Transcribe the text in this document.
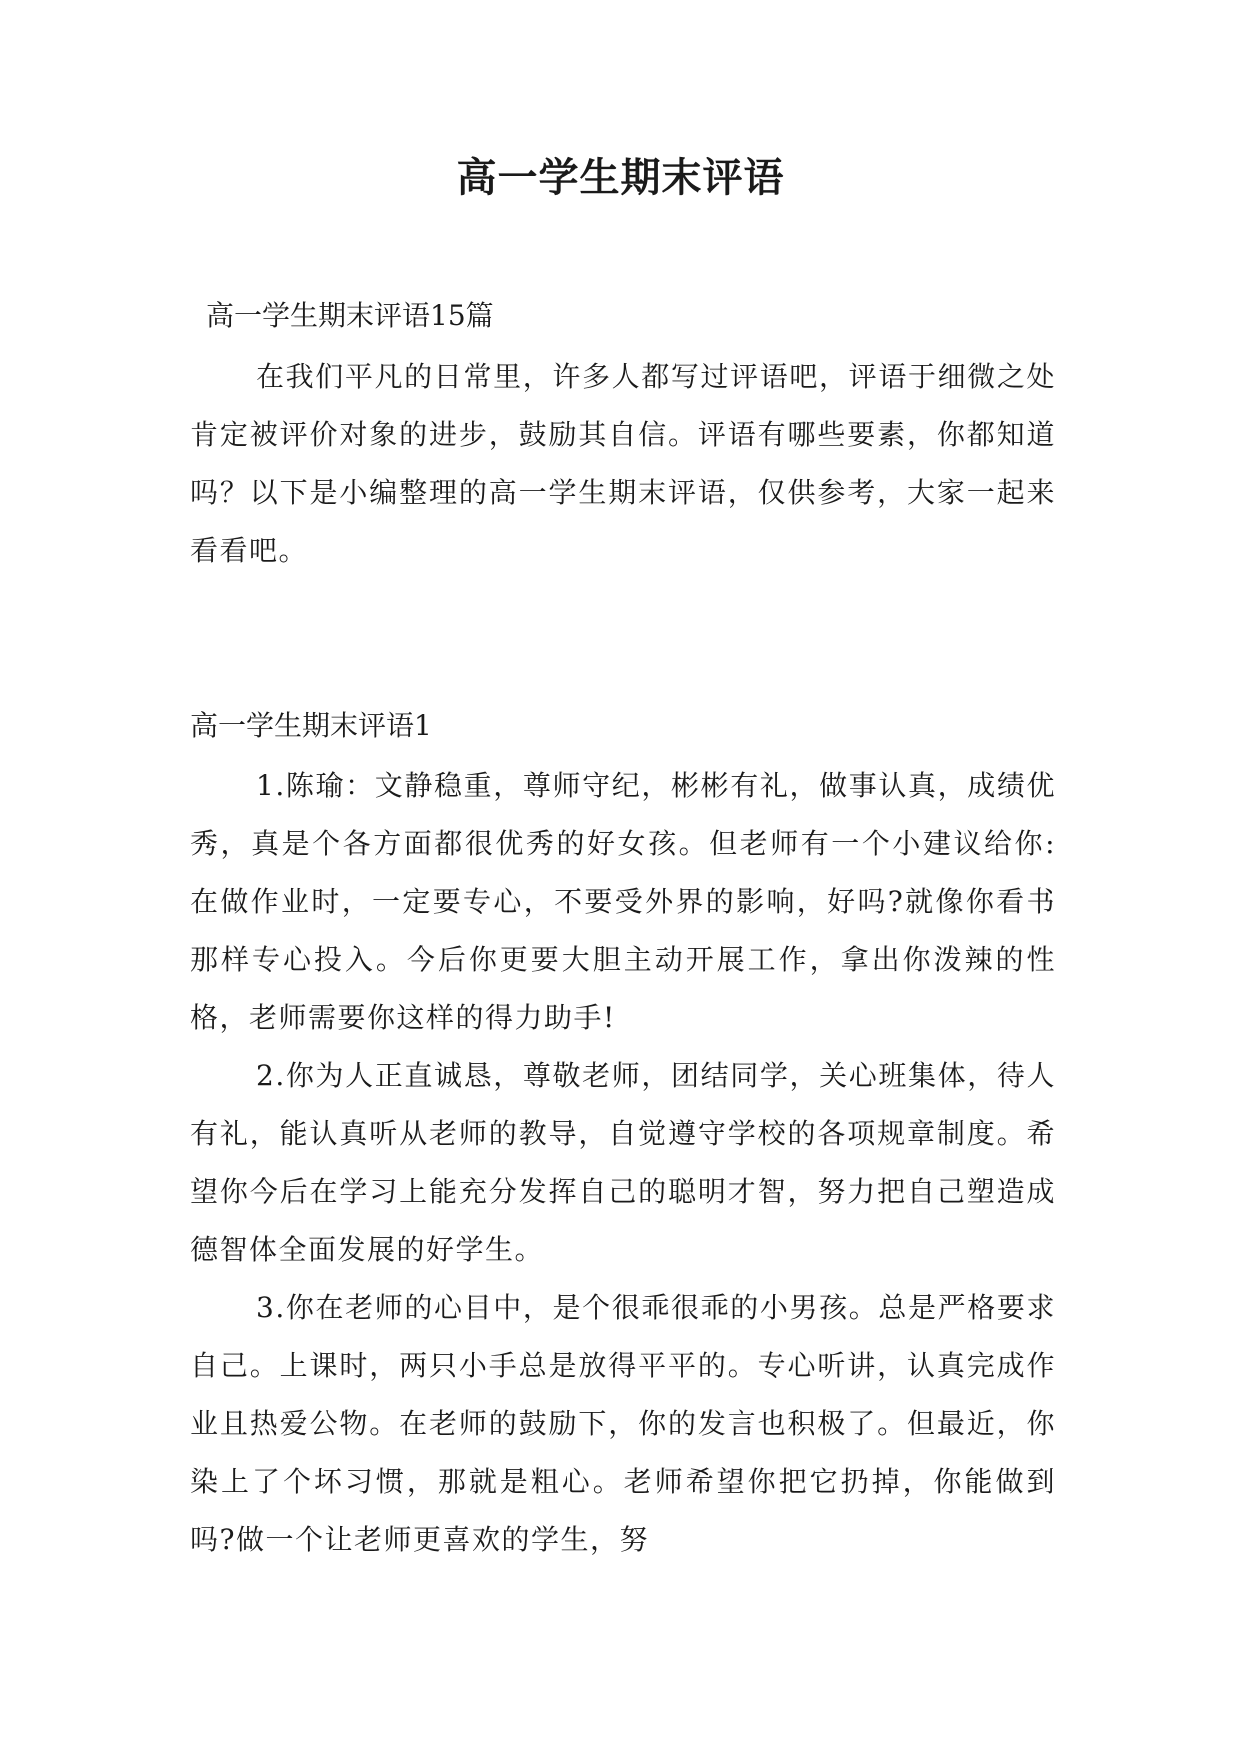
高一学生期末评语

高一学生期末评语15篇

在我们平凡的日常里，许多人都写过评语吧，评语于细微之处肯定被评价对象的进步，鼓励其自信。评语有哪些要素，你都知道吗？以下是小编整理的高一学生期末评语，仅供参考，大家一起来看看吧。

高一学生期末评语1

1.陈瑜：文静稳重，尊师守纪，彬彬有礼，做事认真，成绩优秀，真是个各方面都很优秀的好女孩。但老师有一个小建议给你:在做作业时，一定要专心，不要受外界的影响，好吗?就像你看书那样专心投入。今后你更要大胆主动开展工作，拿出你泼辣的性格，老师需要你这样的得力助手!

2.你为人正直诚恳，尊敬老师，团结同学，关心班集体，待人有礼，能认真听从老师的教导，自觉遵守学校的各项规章制度。希望你今后在学习上能充分发挥自己的聪明才智，努力把自己塑造成德智体全面发展的好学生。

3.你在老师的心目中，是个很乖很乖的小男孩。总是严格要求自己。上课时，两只小手总是放得平平的。专心听讲，认真完成作业且热爱公物。在老师的鼓励下，你的发言也积极了。但最近，你染上了个坏习惯，那就是粗心。老师希望你把它扔掉，你能做到吗?做一个让老师更喜欢的学生，努
